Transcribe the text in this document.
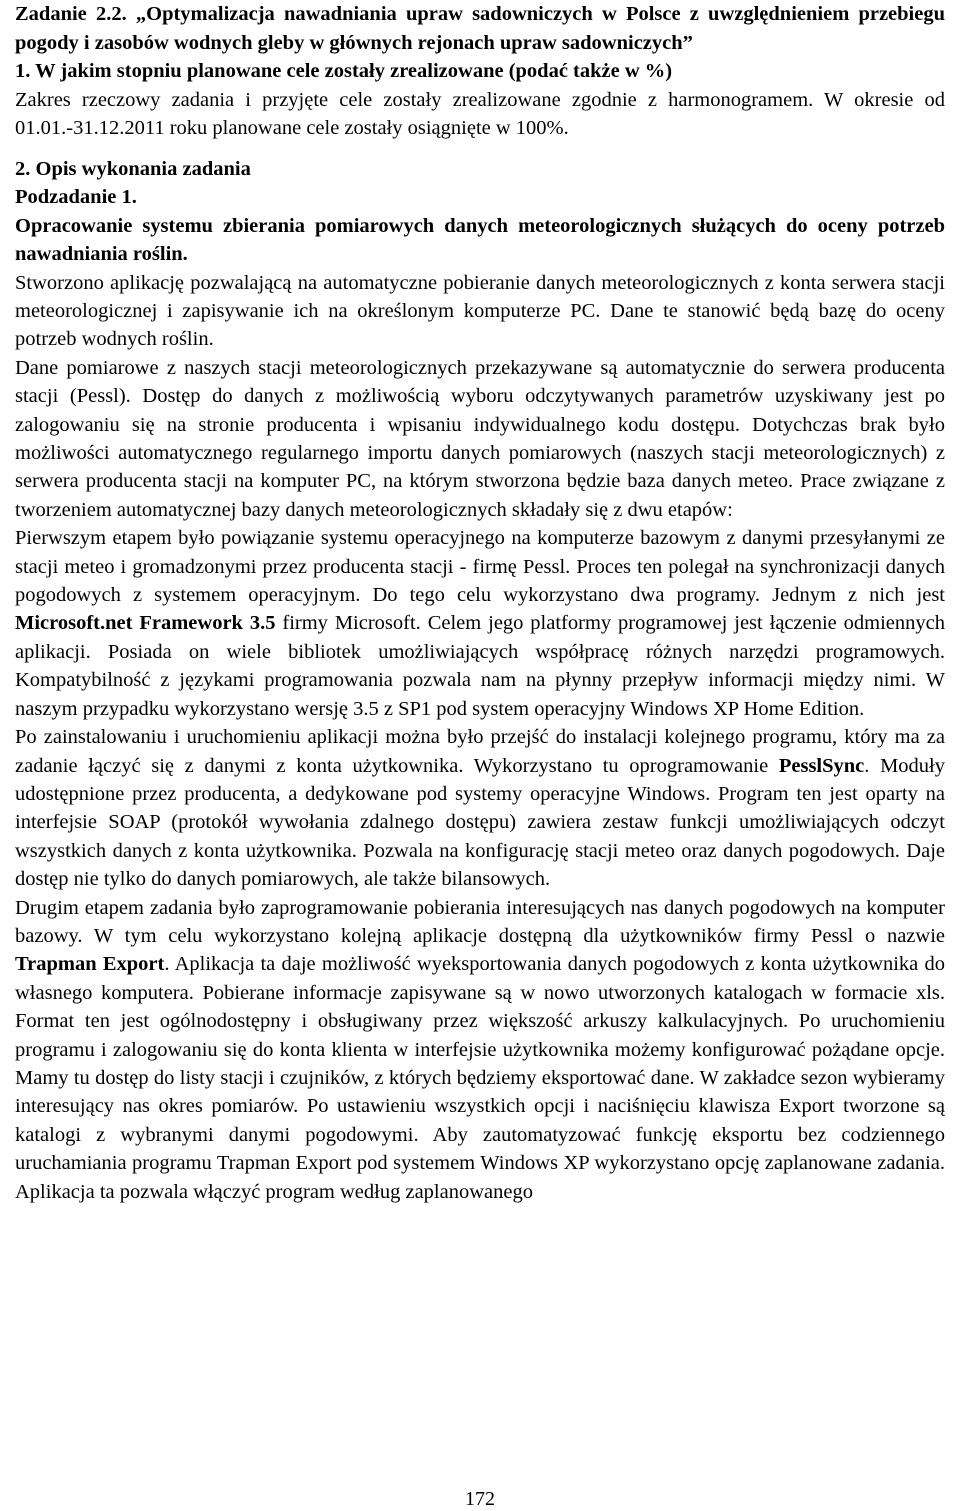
Zadanie 2.2. „Optymalizacja nawadniania upraw sadowniczych w Polsce z uwzględnieniem przebiegu pogody i zasobów wodnych gleby w głównych rejonach upraw sadowniczych”

1. W jakim stopniu planowane cele zostały zrealizowane (podać także w %)

Zakres rzeczowy zadania i przyjęte cele zostały zrealizowane zgodnie z harmonogramem. W okresie od 01.01.-31.12.2011 roku planowane cele zostały osiągnięte w 100%.

2. Opis wykonania zadania
Podzadanie 1.

Opracowanie systemu zbierania pomiarowych danych meteorologicznych służących do oceny potrzeb nawadniania roślin.

Stworzono aplikację pozwalającą na automatyczne pobieranie danych meteorologicznych z konta serwera stacji meteorologicznej i zapisywanie ich na określonym komputerze PC. Dane te stanowić będą bazę do oceny potrzeb wodnych roślin.

Dane pomiarowe z naszych stacji meteorologicznych przekazywane są automatycznie do serwera producenta stacji (Pessl). Dostęp do danych z możliwością wyboru odczytywanych parametrów uzyskiwany jest po zalogowaniu się na stronie producenta i wpisaniu indywidualnego kodu dostępu. Dotychczas brak było możliwości automatycznego regularnego importu danych pomiarowych (naszych stacji meteorologicznych) z serwera producenta stacji na komputer PC, na którym stworzona będzie baza danych meteo. Prace związane z tworzeniem automatycznej bazy danych meteorologicznych składały się z dwu etapów:

Pierwszym etapem było powiązanie systemu operacyjnego na komputerze bazowym z danymi przesyłanymi ze stacji meteo i gromadzonymi przez producenta stacji - firmę Pessl. Proces ten polegał na synchronizacji danych pogodowych z systemem operacyjnym. Do tego celu wykorzystano dwa programy. Jednym z nich jest Microsoft.net Framework 3.5 firmy Microsoft. Celem jego platformy programowej jest łączenie odmiennych aplikacji. Posiada on wiele bibliotek umożliwiających współpracę różnych narzędzi programowych. Kompatybilność z językami programowania pozwala nam na płynny przepływ informacji między nimi. W naszym przypadku wykorzystano wersję 3.5 z SP1 pod system operacyjny Windows XP Home Edition.

Po zainstalowaniu i uruchomieniu aplikacji można było przejść do instalacji kolejnego programu, który ma za zadanie łączyć się z danymi z konta użytkownika. Wykorzystano tu oprogramowanie PesslSync. Moduły udostępnione przez producenta, a dedykowane pod systemy operacyjne Windows. Program ten jest oparty na interfejsie SOAP (protokół wywołania zdalnego dostępu) zawiera zestaw funkcji umożliwiających odczyt wszystkich danych z konta użytkownika. Pozwala na konfigurację stacji meteo oraz danych pogodowych. Daje dostęp nie tylko do danych pomiarowych, ale także bilansowych.

Drugim etapem zadania było zaprogramowanie pobierania interesujących nas danych pogodowych na komputer bazowy. W tym celu wykorzystano kolejną aplikacje dostępną dla użytkowników firmy Pessl o nazwie Trapman Export. Aplikacja ta daje możliwość wyeksportowania danych pogodowych z konta użytkownika do własnego komputera. Pobierane informacje zapisywane są w nowo utworzonych katalogach w formacie xls. Format ten jest ogólnodostępny i obsługiwany przez większość arkuszy kalkulacyjnych. Po uruchomieniu programu i zalogowaniu się do konta klienta w interfejsie użytkownika możemy konfigurować pożądane opcje. Mamy tu dostęp do listy stacji i czujników, z których będziemy eksportować dane. W zakładce sezon wybieramy interesujący nas okres pomiarów. Po ustawieniu wszystkich opcji i naciśnięciu klawisza Export tworzone są katalogi z wybranymi danymi pogodowymi. Aby zautomatyzować funkcję eksportu bez codziennego uruchamiania programu Trapman Export pod systemem Windows XP wykorzystano opcję zaplanowane zadania. Aplikacja ta pozwala włączyć program według zaplanowanego

172
